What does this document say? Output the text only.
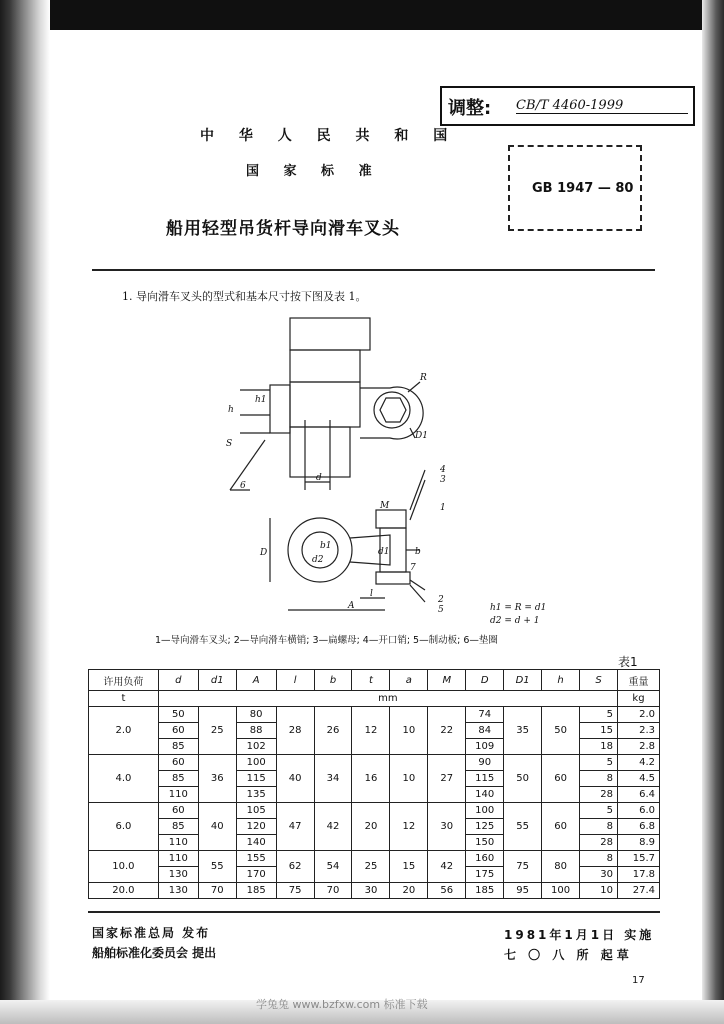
中 华 人 民 共 和 国
国 家 标 准
船用轻型吊货杆导向滑车叉头
调整: CB/T 4460-1999
GB 1947 — 80
1. 导向滑车叉头的型式和基本尺寸按下图及表 1。
R
h1
h
S
d
D1
6
4
3
M	1
D	b
d1
b1
d2
7
2
5
A
l
h1 = R = d1
d2 = d + 1
1—导向滑车叉头; 2—导向滑车横销; 3—扁螺母; 4—开口销; 5—制动板; 6—垫圈
表1
许用负荷	d	d1	A	l	b	t	a	M	D	D1	h	S	重量
t	mm												kg
2.0	50	25	80	28	26	12	10	22	74	35	50	5	2.0
	60		88						84			15	2.3
	85		102						109			18	2.8
4.0	60	36	100	40	34	16	10	27	90	50	60	5	4.2
	85		115						115			8	4.5
	110		135						140			28	6.4
6.0	60	40	105	47	42	20	12	30	100	55	60	5	6.0
	85		120						125			8	6.8
	110		140						150			28	8.9
10.0	110	55	155	62	54	25	15	42	160	75	80	8	15.7
	130		170						175			30	17.8
20.0	130	70	185	75	70	30	20	56	185	95	100	10	27.4
国家标准总局 发布
船舶标准化委员会 提出
1981年1月1日 实施
七 〇 八 所 起草
17
学兔兔 www.bzfxw.com 标准下载
